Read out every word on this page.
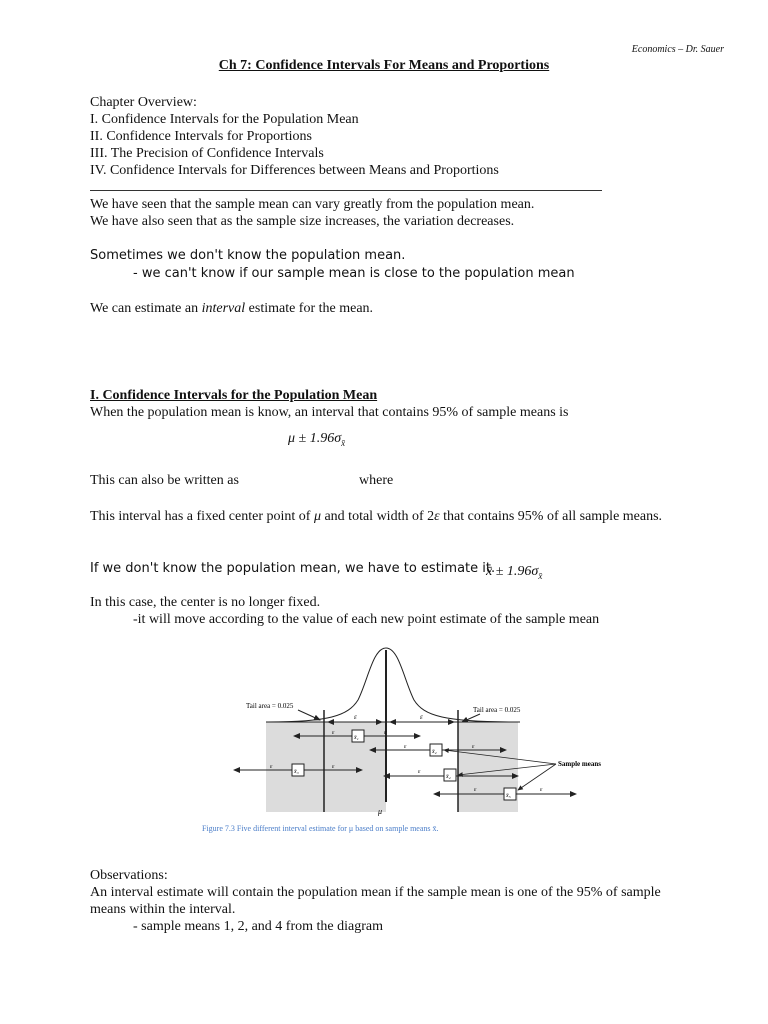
Economics – Dr. Sauer
Ch 7: Confidence Intervals For Means and Proportions
Chapter Overview:
I. Confidence Intervals for the Population Mean
II. Confidence Intervals for Proportions
III. The Precision of Confidence Intervals
IV. Confidence Intervals for Differences between Means and Proportions
We have seen that the sample mean can vary greatly from the population mean.
We have also seen that as the sample size increases, the variation decreases.
Sometimes we don't know the population mean.
- we can't know if our sample mean is close to the population mean
We can estimate an interval estimate for the mean.
I. Confidence Intervals for the Population Mean
When the population mean is know, an interval that contains 95% of sample means is
$\mu \pm 1.96\sigma_{x̄}$
This can also be written as	where
This interval has a fixed center point of μ and total width of 2ε that contains 95% of all sample means.
If we don't know the population mean, we have to estimate it.
x̄ ± $1.96\sigma_{x̄}$
In this case, the center is no longer fixed.
-it will move according to the value of each new point estimate of the sample mean
Tail area = 0.025	Tail area = 0.025
μ
ε	ε
x̄₁
ε	ε
x̄₂
ε	ε
x̄₃
ε	ε
x̄₄
ε
x̄₅
ε	ε
Sample means
Figure 7.3 Five different interval estimate for μ based on sample means x̄.
Observations:
An interval estimate will contain the population mean if the sample mean is one of the 95% of sample
means within the interval.
- sample means 1, 2, and 4 from the diagram
